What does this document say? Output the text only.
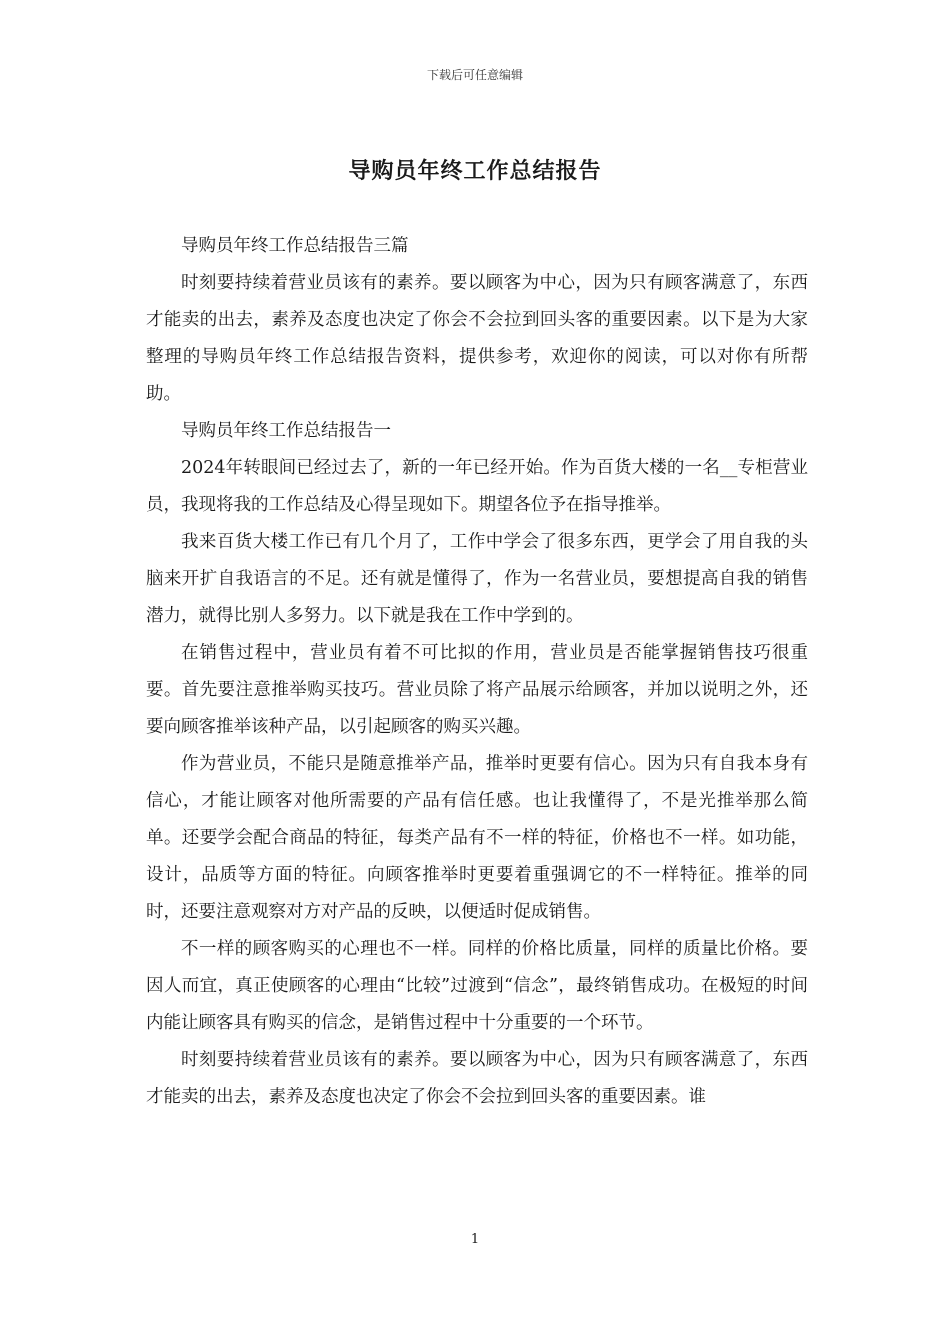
下载后可任意编辑
导购员年终工作总结报告

导购员年终工作总结报告三篇

时刻要持续着营业员该有的素养。要以顾客为中心，因为只有顾客满意了，东西才能卖的出去，素养及态度也决定了你会不会拉到回头客的重要因素。以下是为大家整理的导购员年终工作总结报告资料，提供参考，欢迎你的阅读，可以对你有所帮助。

导购员年终工作总结报告一

2024年转眼间已经过去了，新的一年已经开始。作为百货大楼的一名__专柜营业员，我现将我的工作总结及心得呈现如下。期望各位予在指导推举。

我来百货大楼工作已有几个月了，工作中学会了很多东西，更学会了用自我的头脑来开扩自我语言的不足。还有就是懂得了，作为一名营业员，要想提高自我的销售潜力，就得比别人多努力。以下就是我在工作中学到的。

在销售过程中，营业员有着不可比拟的作用，营业员是否能掌握销售技巧很重要。首先要注意推举购买技巧。营业员除了将产品展示给顾客，并加以说明之外，还要向顾客推举该种产品，以引起顾客的购买兴趣。

作为营业员，不能只是随意推举产品，推举时更要有信心。因为只有自我本身有信心，才能让顾客对他所需要的产品有信任感。也让我懂得了，不是光推举那么简单。还要学会配合商品的特征，每类产品有不一样的特征，价格也不一样。如功能，设计，品质等方面的特征。向顾客推举时更要着重强调它的不一样特征。推举的同时，还要注意观察对方对产品的反映，以便适时促成销售。

不一样的顾客购买的心理也不一样。同样的价格比质量，同样的质量比价格。要因人而宜，真正使顾客的心理由“比较”过渡到“信念”，最终销售成功。在极短的时间内能让顾客具有购买的信念，是销售过程中十分重要的一个环节。

时刻要持续着营业员该有的素养。要以顾客为中心，因为只有顾客满意了，东西才能卖的出去，素养及态度也决定了你会不会拉到回头客的重要因素。谁

1
